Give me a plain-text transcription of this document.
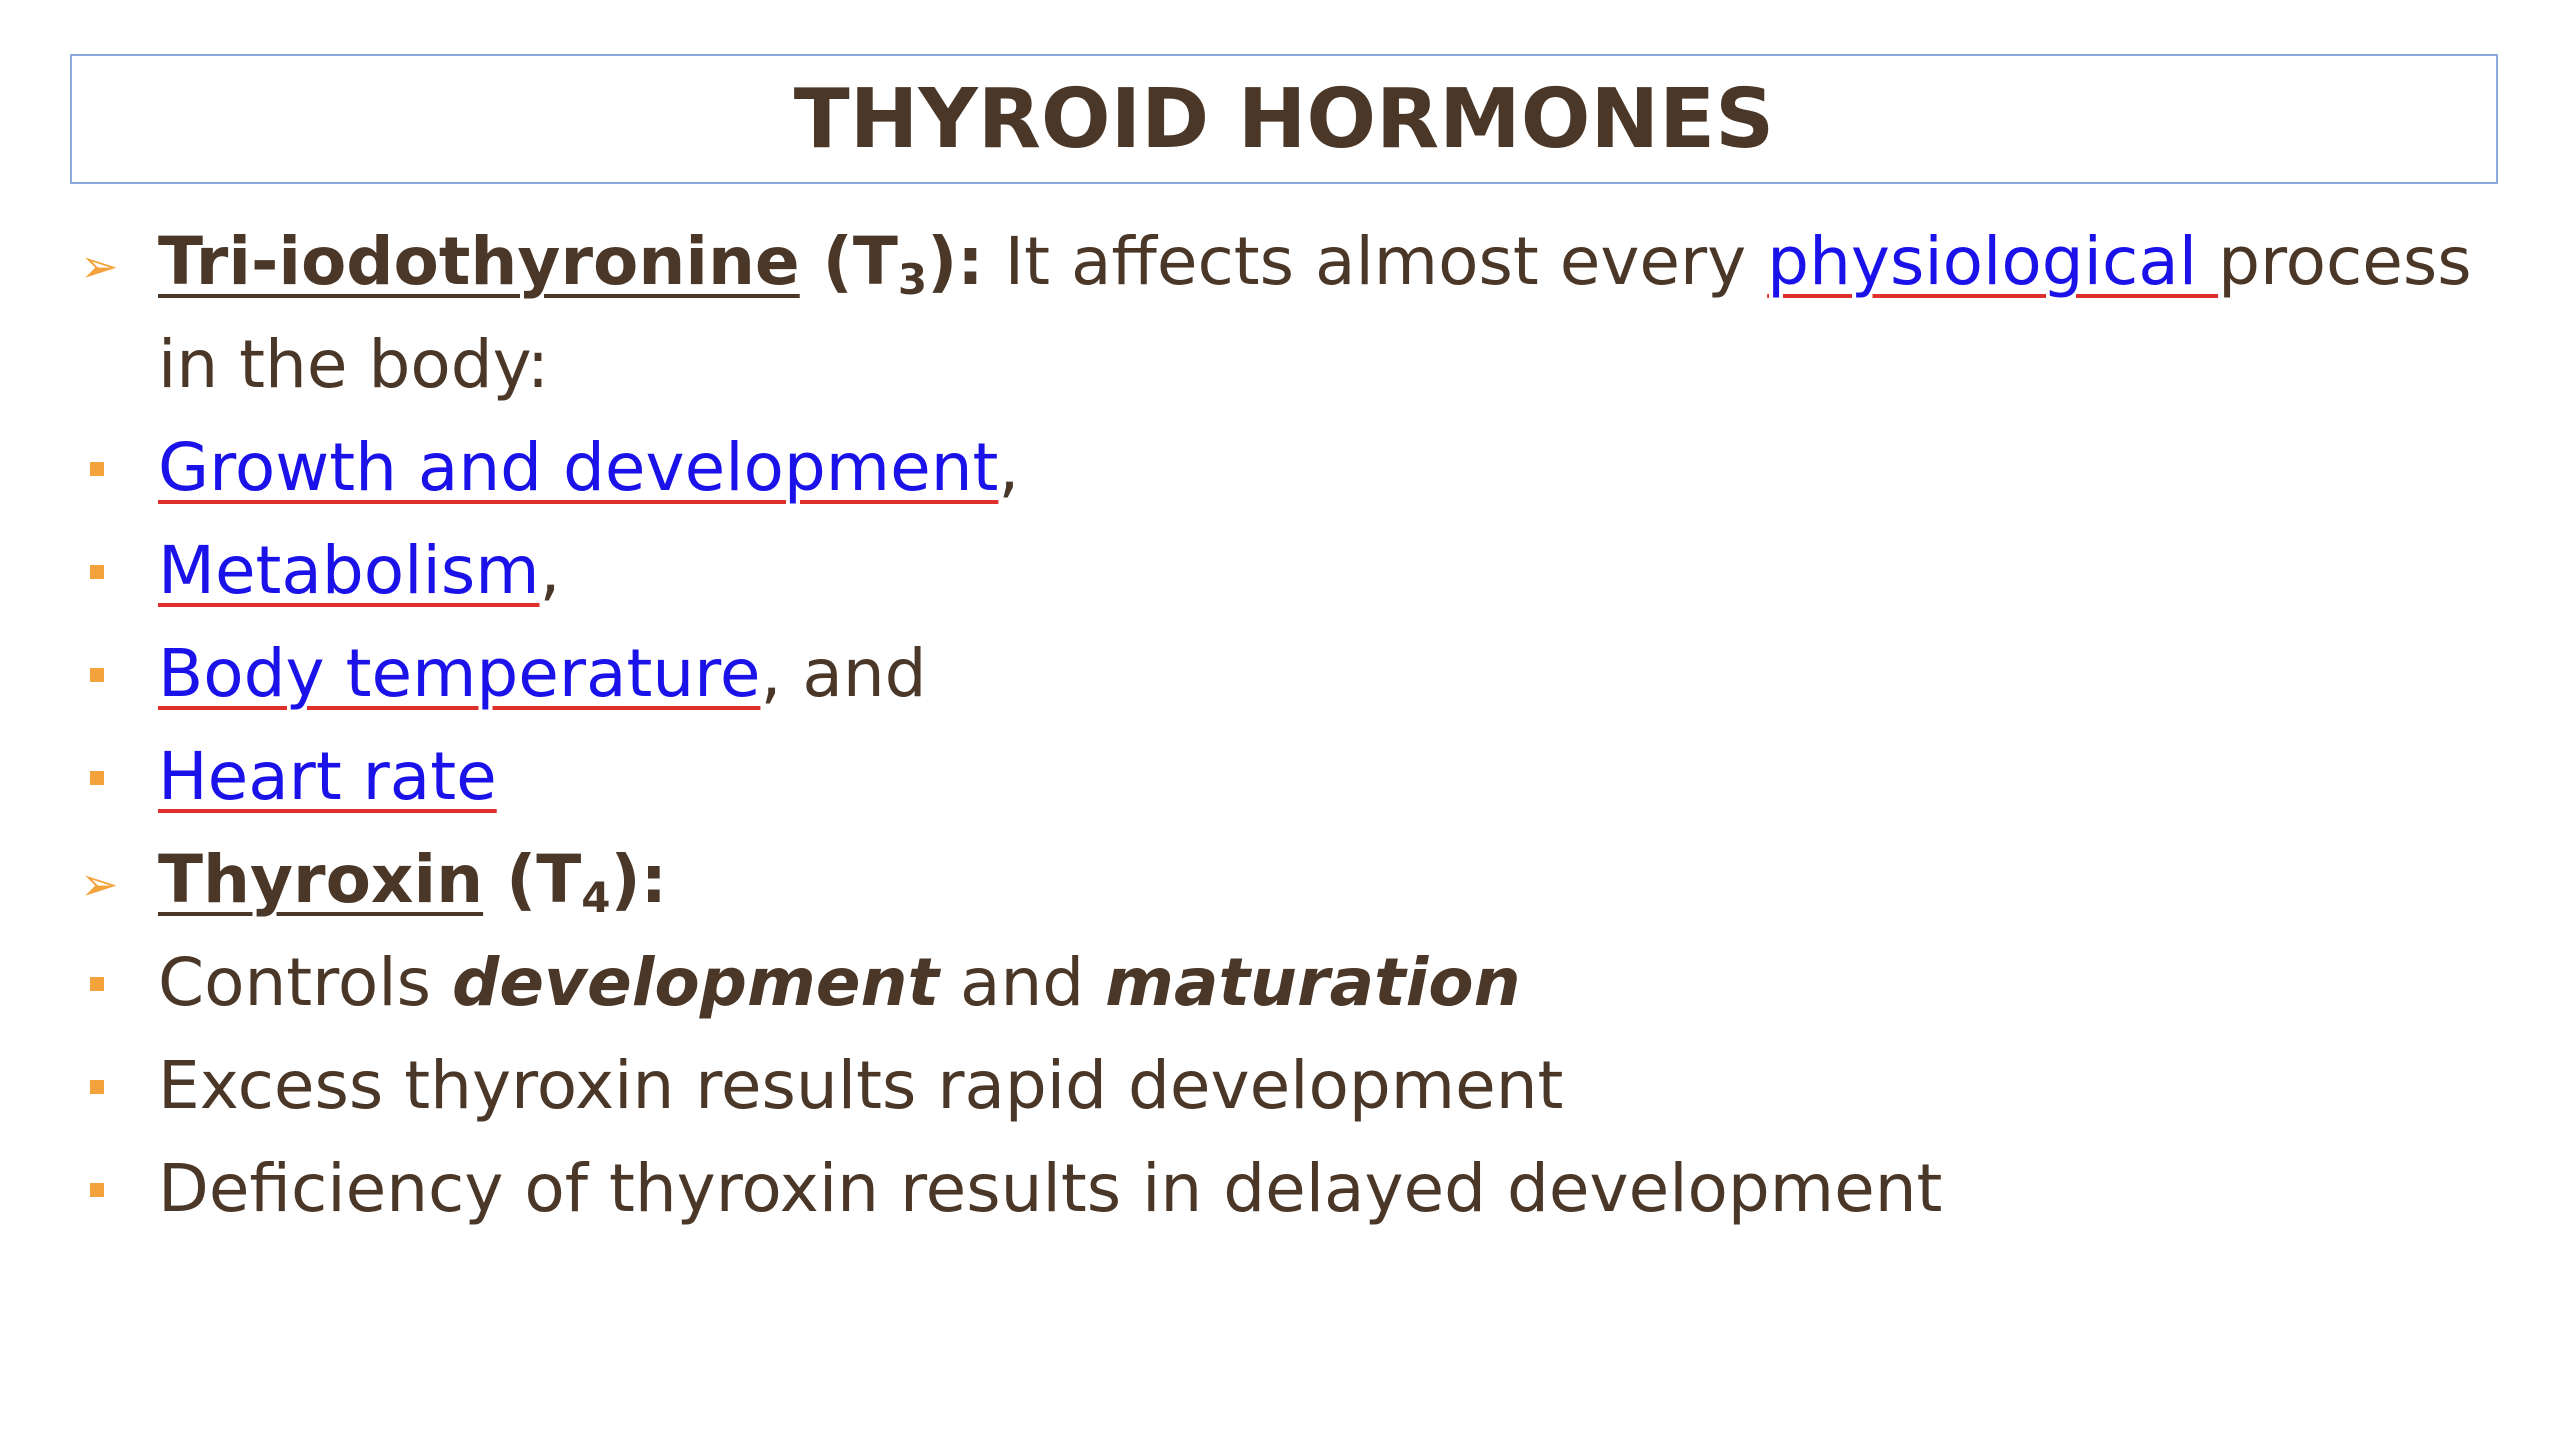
THYROID HORMONES
➢ Tri-iodothyronine $(T_3)$: It affects almost every physiological process
in the body:
Growth and development,
Metabolism,
Body temperature, and
Heart rate
➢ Thyroxin $(T_4)$:
Controls development and maturation
Excess thyroxin results rapid development
Deficiency of thyroxin results in delayed development
